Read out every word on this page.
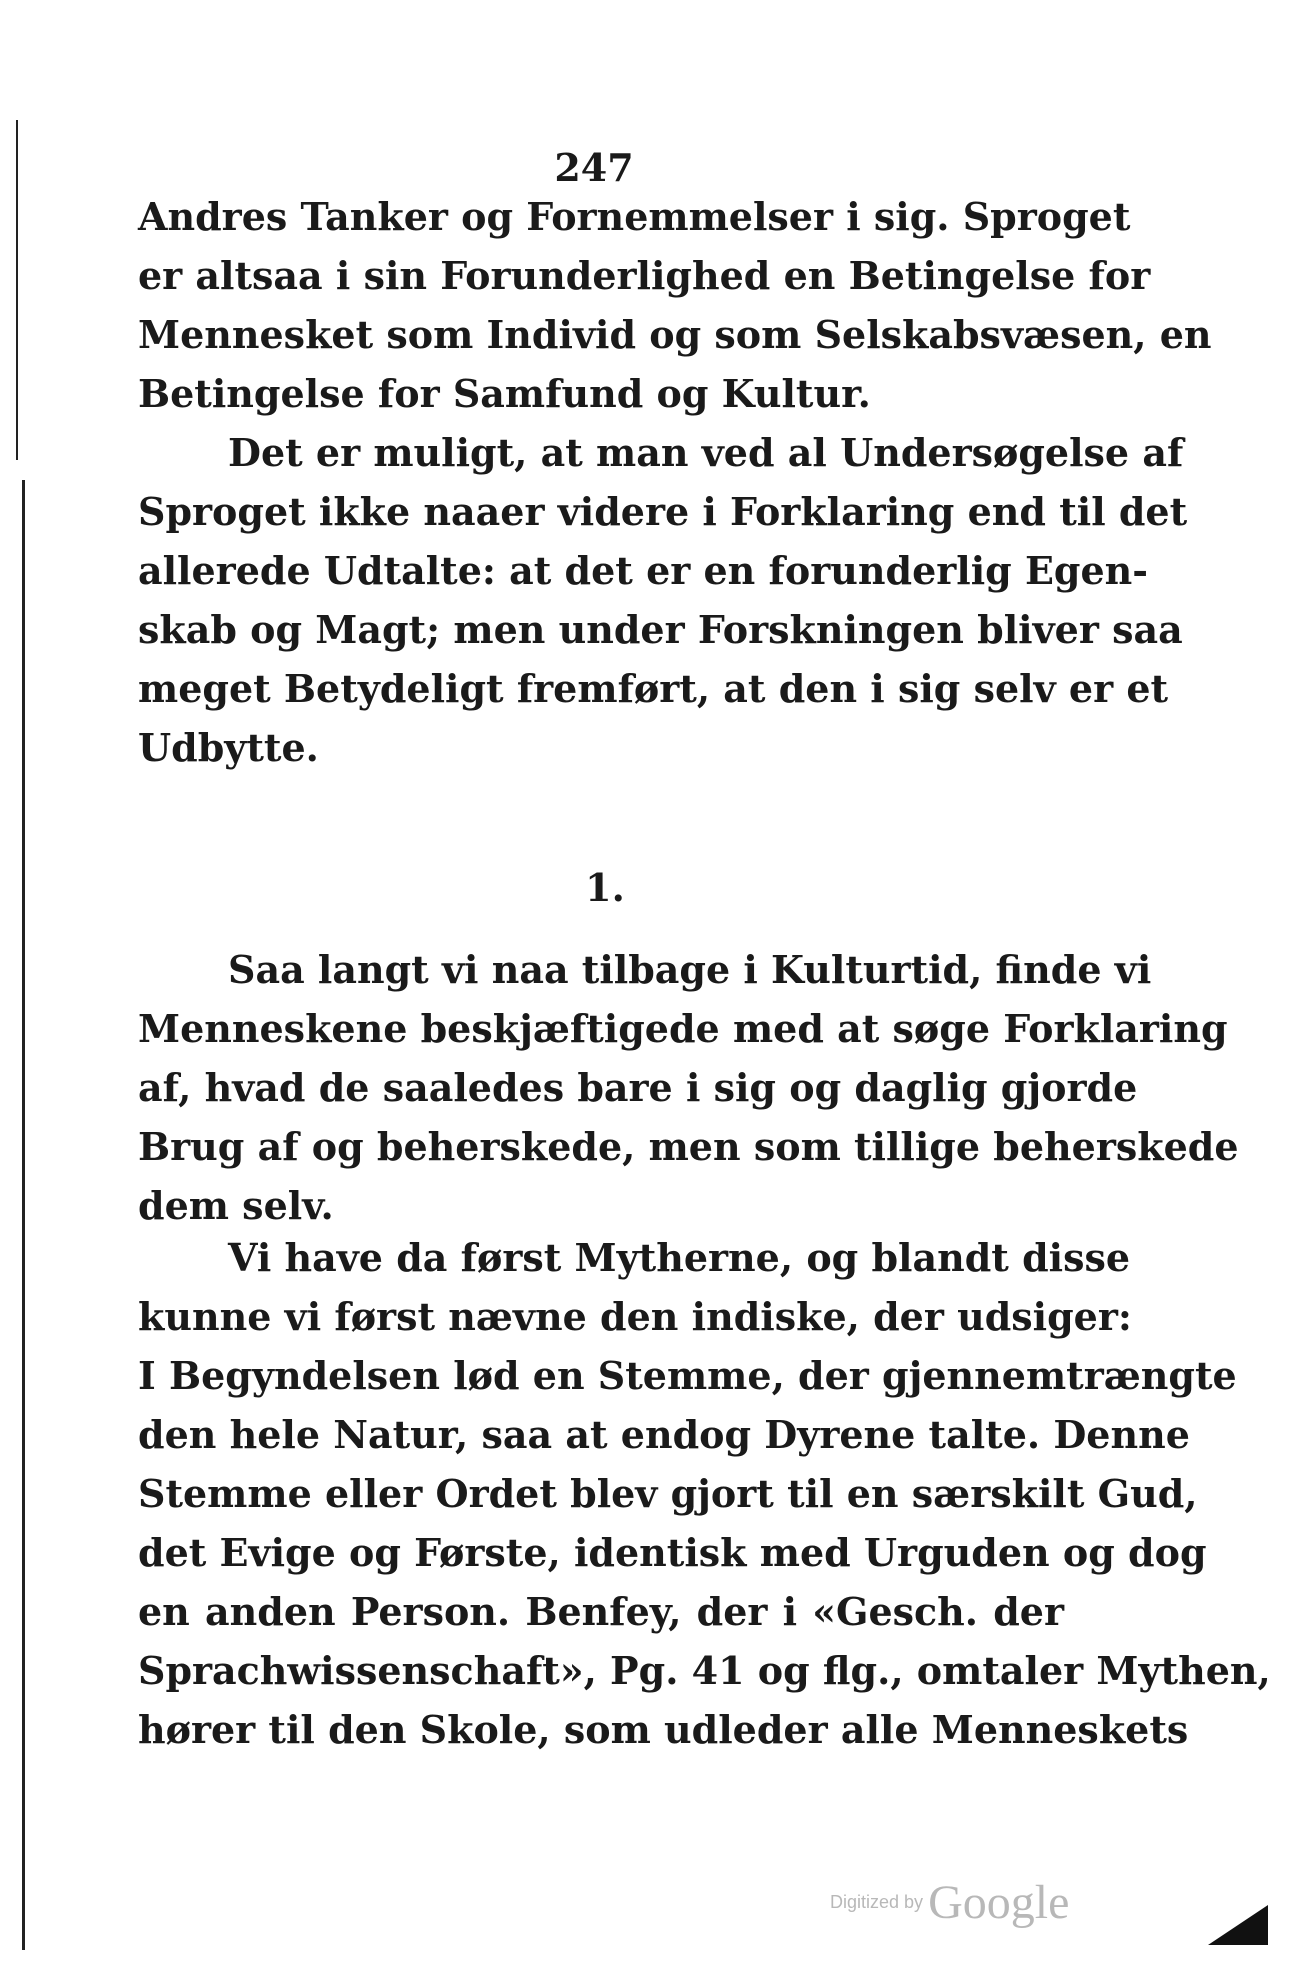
247
Andres Tanker og Fornemmelser i sig. Sproget
er altsaa i sin Forunderlighed en Betingelse for
Mennesket som Individ og som Selskabsvæsen, en
Betingelse for Samfund og Kultur.
Det er muligt, at man ved al Undersøgelse af
Sproget ikke naaer videre i Forklaring end til det
allerede Udtalte: at det er en forunderlig Egen-
skab og Magt; men under Forskningen bliver saa
meget Betydeligt fremført, at den i sig selv er et
Udbytte.
1.
Saa langt vi naa tilbage i Kulturtid, finde vi
Menneskene beskjæftigede med at søge Forklaring
af, hvad de saaledes bare i sig og daglig gjorde
Brug af og beherskede, men som tillige beherskede
dem selv.
Vi have da først Mytherne, og blandt disse
kunne vi først nævne den indiske, der udsiger:
I Begyndelsen lød en Stemme, der gjennemtrængte
den hele Natur, saa at endog Dyrene talte. Denne
Stemme eller Ordet blev gjort til en særskilt Gud,
det Evige og Første, identisk med Urguden og dog
en anden Person. Benfey, der i «Gesch. der
Sprachwissenschaft», Pg. 41 og flg., omtaler Mythen,
hører til den Skole, som udleder alle Menneskets
Digitized by Google
